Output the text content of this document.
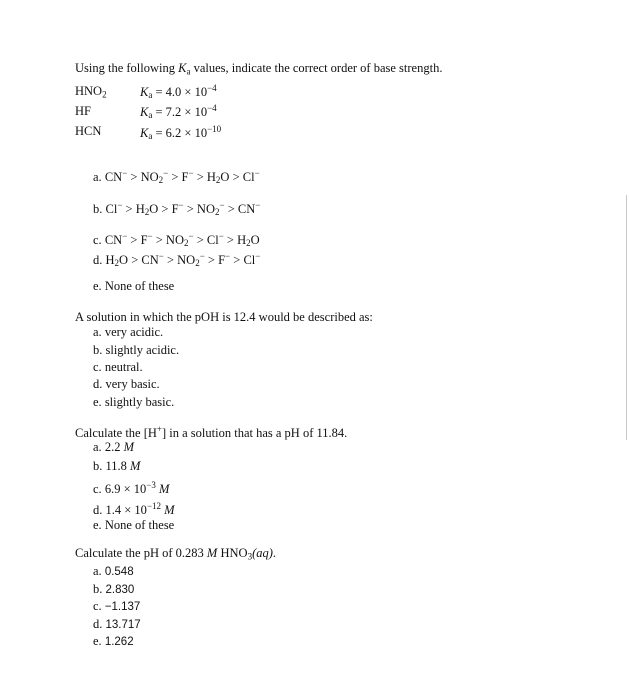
Using the following $K_a$ values, indicate the correct order of base strength.
$HNO_2$	$K_a = 4.0 \times 10^{-4}$
HF	$K_a = 7.2 \times 10^{-4}$
HCN	$K_a = 6.2 \times 10^{-10}$
a. $CN^- > NO_2^- > F^- > H_2O > Cl^-$
b. $Cl^- > H_2O > F^- > NO_2^- > CN^-$
c. $CN^- > F^- > NO_2^- > Cl^- > H_2O$
d. $H_2O > CN^- > NO_2^- > F^- > Cl^-$
e. None of these
A solution in which the pOH is 12.4 would be described as:
a. very acidic.
b. slightly acidic.
c. neutral.
d. very basic.
e. slightly basic.
Calculate the [H+] in a solution that has a pH of 11.84.
a. 2.2 M
b. 11.8 M
c. $6.9 \times 10^{-3}$ M
d. $1.4 \times 10^{-12}$ M
e. None of these
Calculate the pH of 0.283 M $HNO_3(aq)$.
a. 0.548
b. 2.830
c. −1.137
d. 13.717
e. 1.262
